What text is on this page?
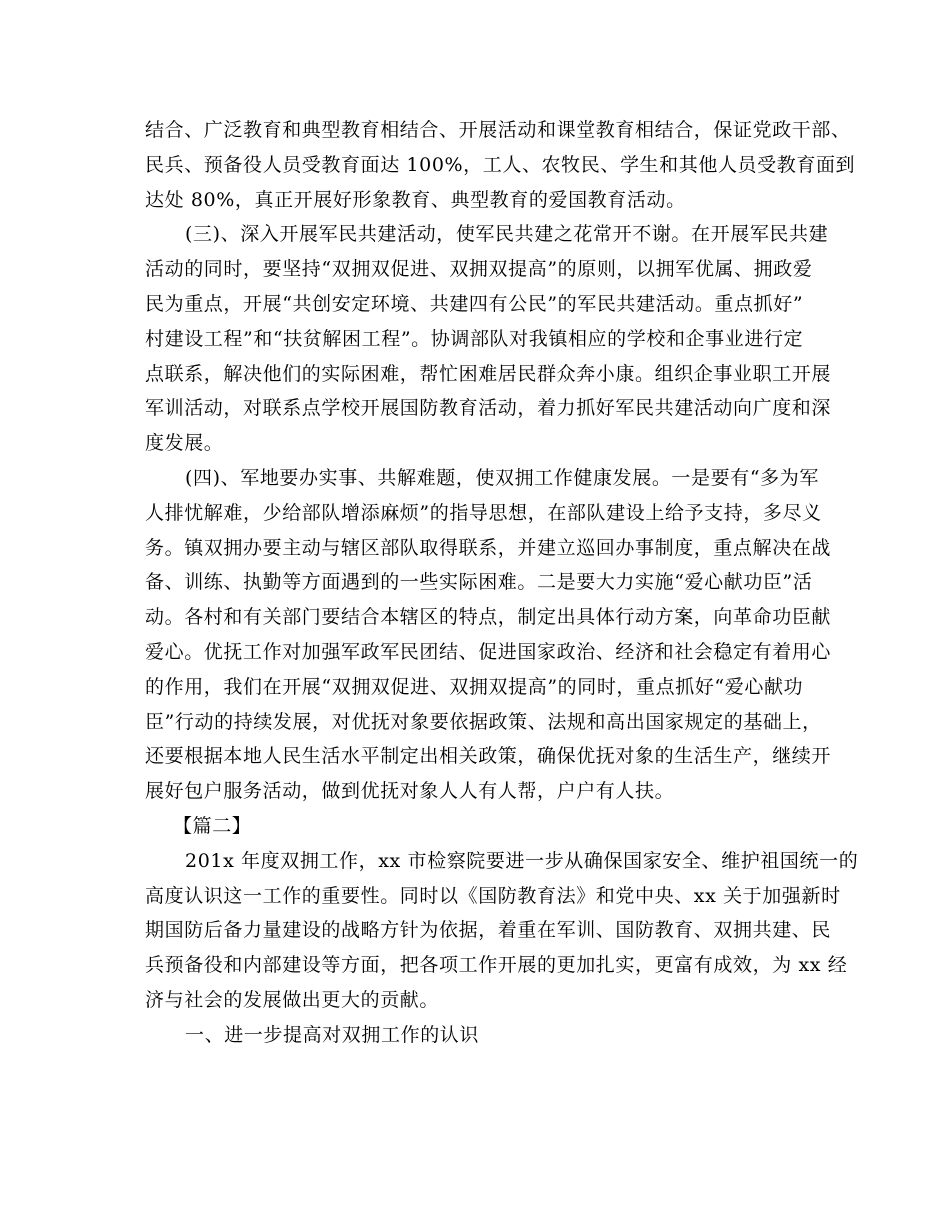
结合、广泛教育和典型教育相结合、开展活动和课堂教育相结合，保证党政干部、
民兵、预备役人员受教育面达 100%，工人、农牧民、学生和其他人员受教育面到
达处 80%，真正开展好形象教育、典型教育的爱国教育活动。

(三)、深入开展军民共建活动，使军民共建之花常开不谢。在开展军民共建
活动的同时，要坚持“双拥双促进、双拥双提高”的原则，以拥军优属、拥政爱
民为重点，开展“共创安定环境、共建四有公民”的军民共建活动。重点抓好”
村建设工程”和“扶贫解困工程”。协调部队对我镇相应的学校和企事业进行定
点联系，解决他们的实际困难，帮忙困难居民群众奔小康。组织企事业职工开展
军训活动，对联系点学校开展国防教育活动，着力抓好军民共建活动向广度和深
度发展。

(四)、军地要办实事、共解难题，使双拥工作健康发展。一是要有“多为军
人排忧解难，少给部队增添麻烦”的指导思想，在部队建设上给予支持，多尽义
务。镇双拥办要主动与辖区部队取得联系，并建立巡回办事制度，重点解决在战
备、训练、执勤等方面遇到的一些实际困难。二是要大力实施“爱心献功臣”活
动。各村和有关部门要结合本辖区的特点，制定出具体行动方案，向革命功臣献
爱心。优抚工作对加强军政军民团结、促进国家政治、经济和社会稳定有着用心
的作用，我们在开展“双拥双促进、双拥双提高”的同时，重点抓好“爱心献功
臣”行动的持续发展，对优抚对象要依据政策、法规和高出国家规定的基础上，
还要根据本地人民生活水平制定出相关政策，确保优抚对象的生活生产，继续开
展好包户服务活动，做到优抚对象人人有人帮，户户有人扶。

【篇二】

201x 年度双拥工作，xx 市检察院要进一步从确保国家安全、维护祖国统一的
高度认识这一工作的重要性。同时以《国防教育法》和党中央、xx 关于加强新时
期国防后备力量建设的战略方针为依据，着重在军训、国防教育、双拥共建、民
兵预备役和内部建设等方面，把各项工作开展的更加扎实，更富有成效，为 xx 经
济与社会的发展做出更大的贡献。

一、进一步提高对双拥工作的认识
